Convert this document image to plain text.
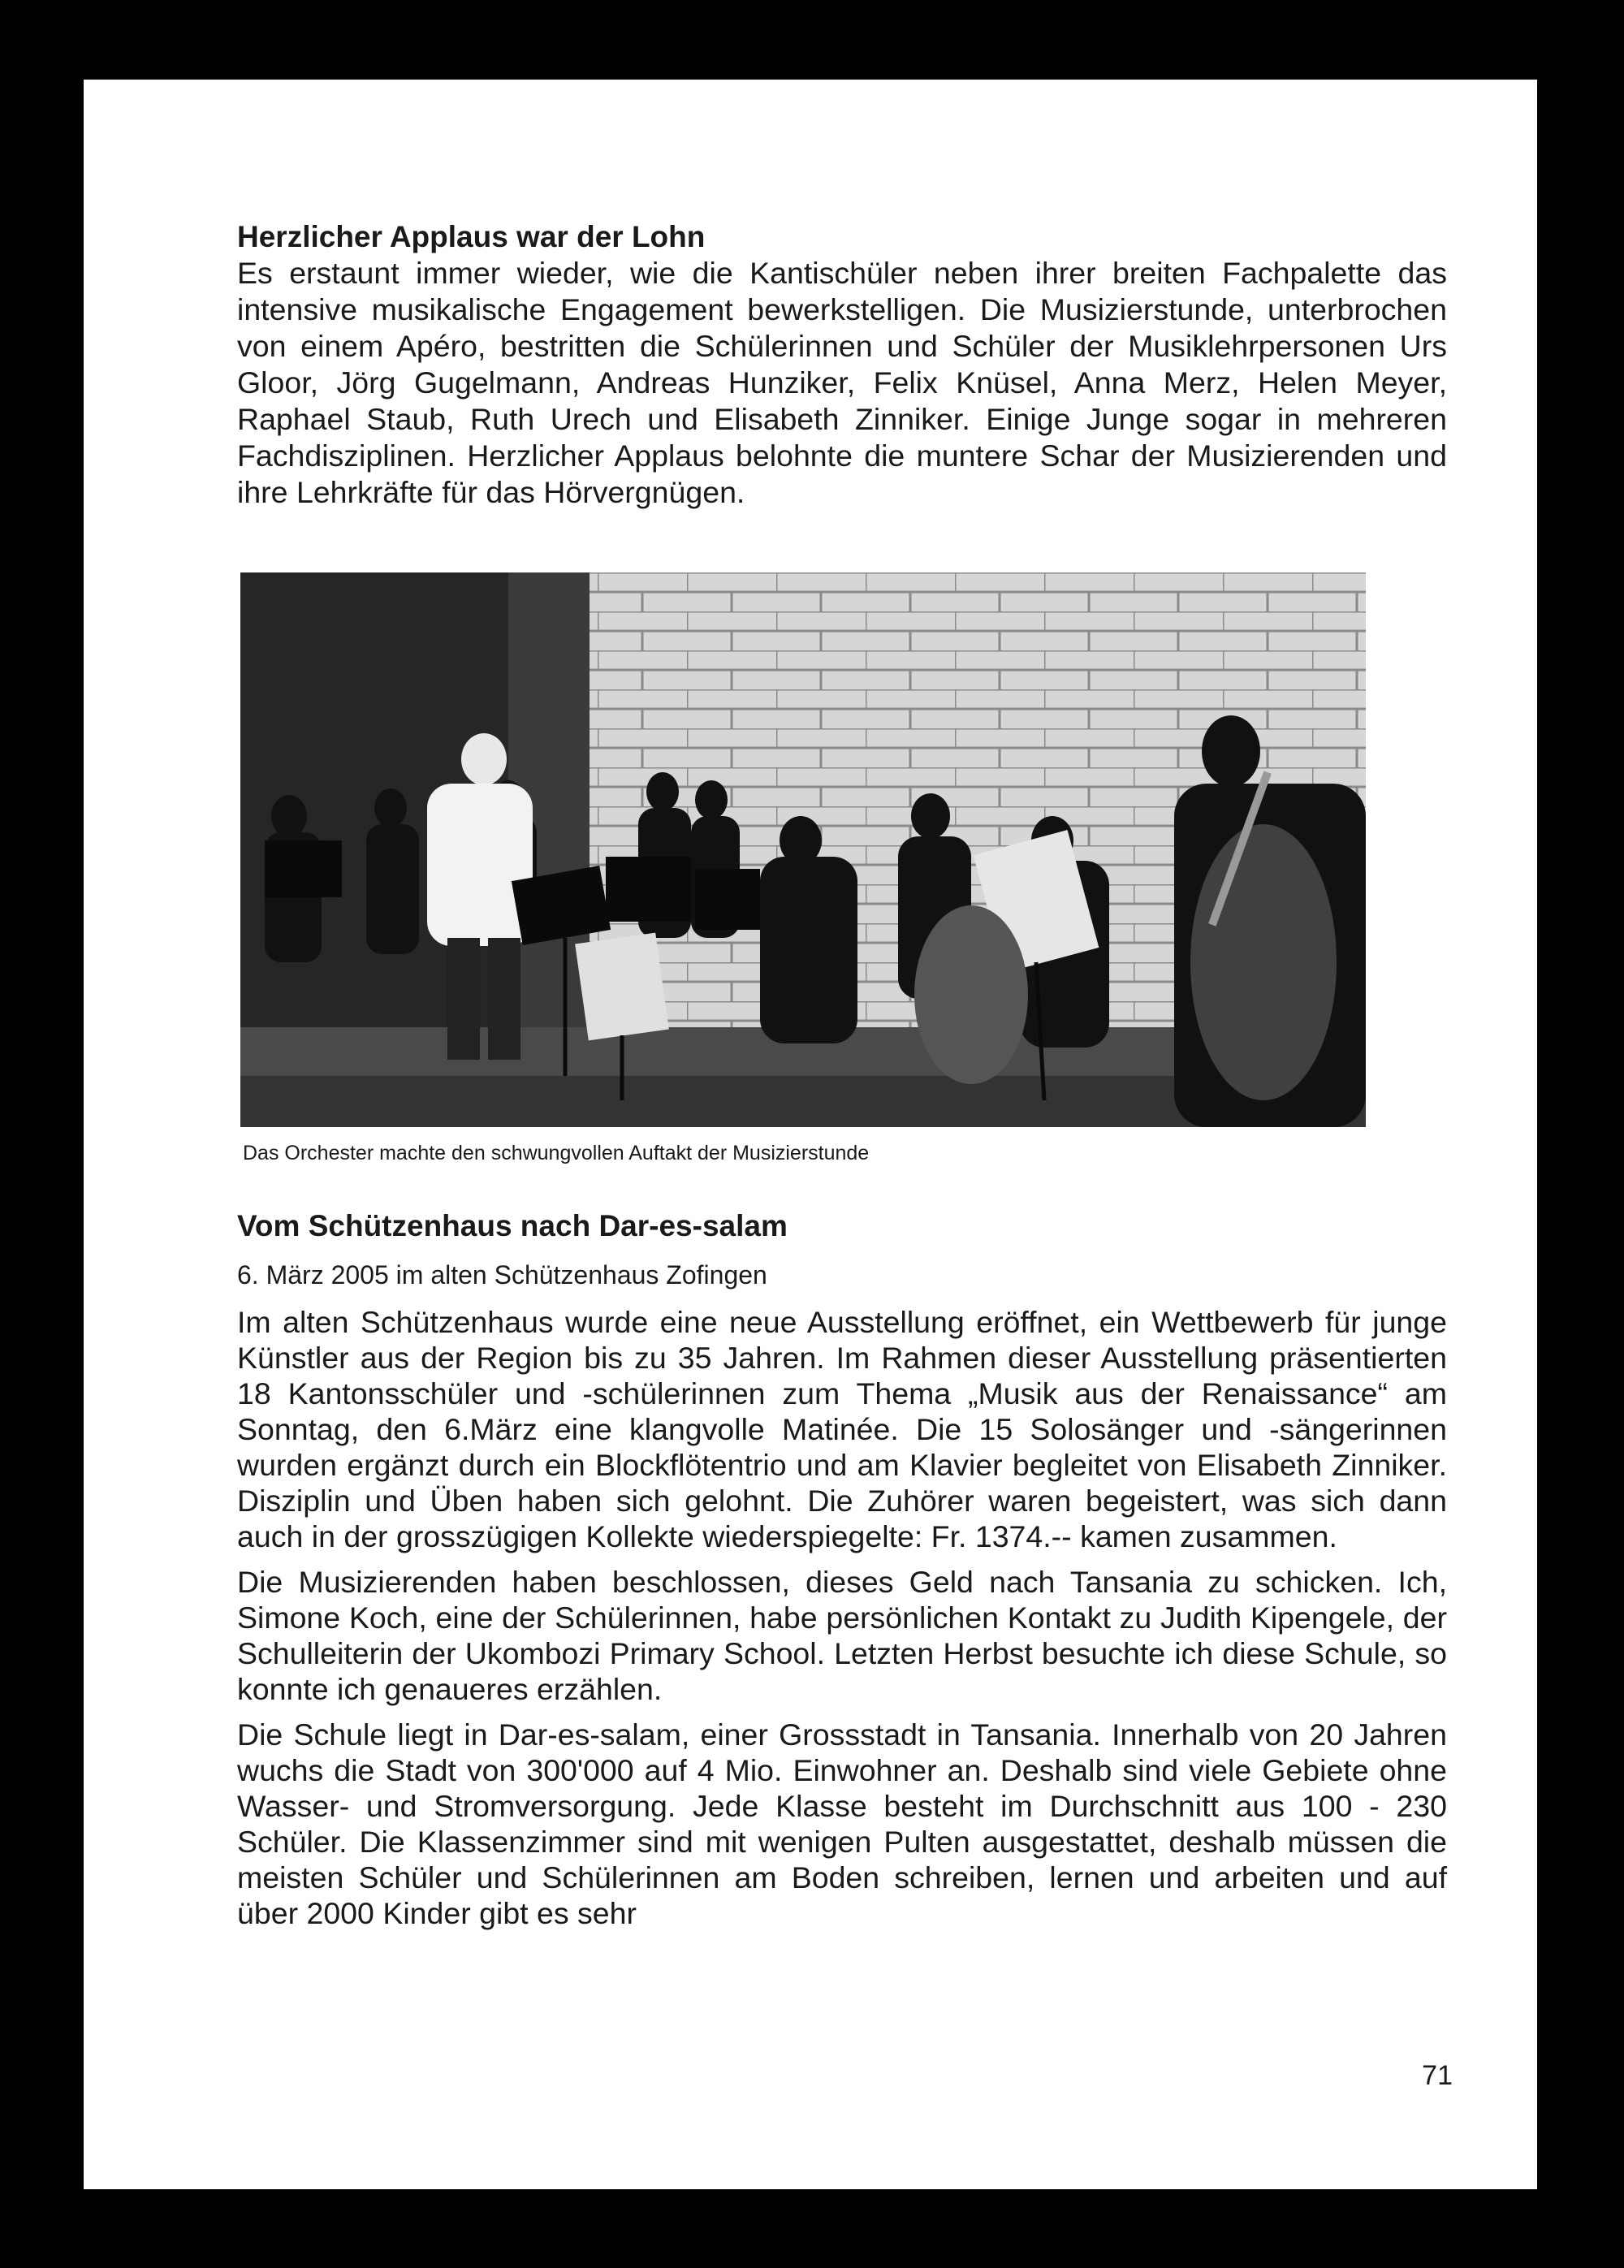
Herzlicher Applaus war der Lohn

Es erstaunt immer wieder, wie die Kantischüler neben ihrer breiten Fachpalette das intensive musikalische Engagement bewerkstelligen. Die Musizierstunde, unterbrochen von einem Apéro, bestritten die Schülerinnen und Schüler der Musiklehrpersonen Urs Gloor, Jörg Gugelmann, Andreas Hunziker, Felix Knüsel, Anna Merz, Helen Meyer, Raphael Staub, Ruth Urech und Elisabeth Zinniker. Einige Junge sogar in mehreren Fachdisziplinen. Herzlicher Applaus belohnte die muntere Schar der Musizierenden und ihre Lehrkräfte für das Hörvergnügen.

Das Orchester machte den schwungvollen Auftakt der Musizierstunde

Vom Schützenhaus nach Dar-es-salam

6. März 2005 im alten Schützenhaus Zofingen

Im alten Schützenhaus wurde eine neue Ausstellung eröffnet, ein Wettbewerb für junge Künstler aus der Region bis zu 35 Jahren. Im Rahmen dieser Ausstellung präsentierten 18 Kantonsschüler und -schülerinnen zum Thema „Musik aus der Renaissance“ am Sonntag, den 6.März eine klangvolle Matinée. Die 15 Solosänger und -sängerinnen wurden ergänzt durch ein Blockflötentrio und am Klavier begleitet von Elisabeth Zinniker. Disziplin und Üben haben sich gelohnt. Die Zuhörer waren begeistert, was sich dann auch in der grosszügigen Kollekte wiederspiegelte: Fr. 1374.-- kamen zusammen.

Die Musizierenden haben beschlossen, dieses Geld nach Tansania zu schicken. Ich, Simone Koch, eine der Schülerinnen, habe persönlichen Kontakt zu Judith Kipengele, der Schulleiterin der Ukombozi Primary School. Letzten Herbst besuchte ich diese Schule, so konnte ich genaueres erzählen.

Die Schule liegt in Dar-es-salam, einer Grossstadt in Tansania. Innerhalb von 20 Jahren wuchs die Stadt von 300'000 auf 4 Mio. Einwohner an. Deshalb sind viele Gebiete ohne Wasser- und Stromversorgung. Jede Klasse besteht im Durchschnitt aus 100 - 230 Schüler. Die Klassenzimmer sind mit wenigen Pulten ausgestattet, deshalb müssen die meisten Schüler und Schülerinnen am Boden schreiben, lernen und arbeiten und auf über 2000 Kinder gibt es sehr

71
